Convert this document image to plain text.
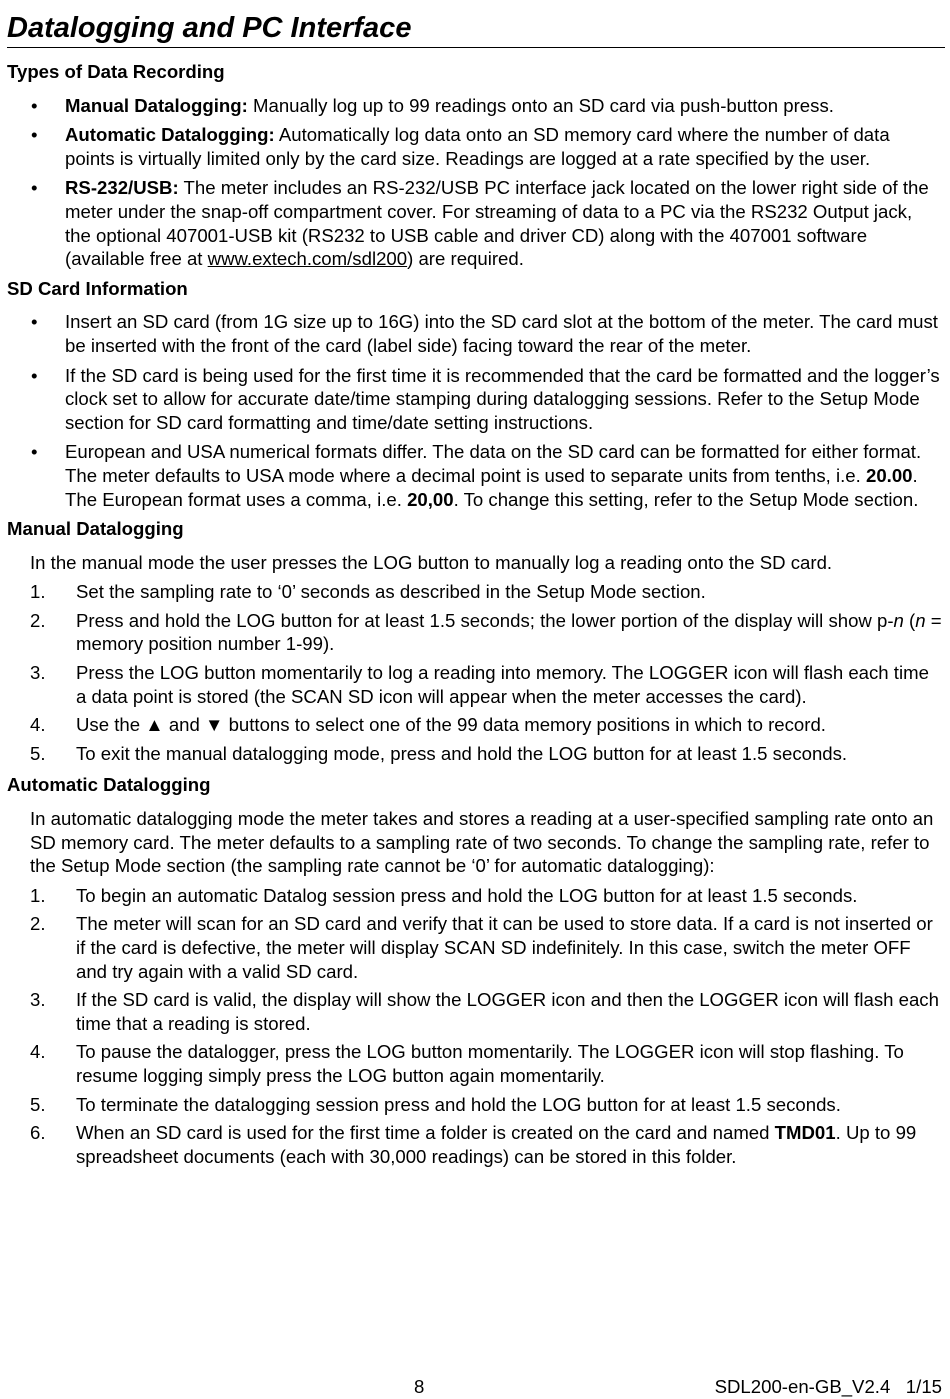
Datalogging and PC Interface
Types of Data Recording
• Manual Datalogging: Manually log up to 99 readings onto an SD card via push-button press.
• Automatic Datalogging: Automatically log data onto an SD memory card where the number of data points is virtually limited only by the card size. Readings are logged at a rate specified by the user.
• RS-232/USB: The meter includes an RS-232/USB PC interface jack located on the lower right side of the meter under the snap-off compartment cover. For streaming of data to a PC via the RS232 Output jack, the optional 407001-USB kit (RS232 to USB cable and driver CD) along with the 407001 software (available free at www.extech.com/sdl200) are required.
SD Card Information
• Insert an SD card (from 1G size up to 16G) into the SD card slot at the bottom of the meter. The card must be inserted with the front of the card (label side) facing toward the rear of the meter.
• If the SD card is being used for the first time it is recommended that the card be formatted and the logger’s clock set to allow for accurate date/time stamping during datalogging sessions. Refer to the Setup Mode section for SD card formatting and time/date setting instructions.
• European and USA numerical formats differ. The data on the SD card can be formatted for either format. The meter defaults to USA mode where a decimal point is used to separate units from tenths, i.e. 20.00. The European format uses a comma, i.e. 20,00. To change this setting, refer to the Setup Mode section.
Manual Datalogging
In the manual mode the user presses the LOG button to manually log a reading onto the SD card.
1. Set the sampling rate to ‘0’ seconds as described in the Setup Mode section.
2. Press and hold the LOG button for at least 1.5 seconds; the lower portion of the display will show p-n (n = memory position number 1-99).
3. Press the LOG button momentarily to log a reading into memory. The LOGGER icon will flash each time a data point is stored (the SCAN SD icon will appear when the meter accesses the card).
4. Use the ▲ and ▼ buttons to select one of the 99 data memory positions in which to record.
5. To exit the manual datalogging mode, press and hold the LOG button for at least 1.5 seconds.
Automatic Datalogging
In automatic datalogging mode the meter takes and stores a reading at a user-specified sampling rate onto an SD memory card. The meter defaults to a sampling rate of two seconds. To change the sampling rate, refer to the Setup Mode section (the sampling rate cannot be ‘0’ for automatic datalogging):
1. To begin an automatic Datalog session press and hold the LOG button for at least 1.5 seconds.
2. The meter will scan for an SD card and verify that it can be used to store data. If a card is not inserted or if the card is defective, the meter will display SCAN SD indefinitely. In this case, switch the meter OFF and try again with a valid SD card.
3. If the SD card is valid, the display will show the LOGGER icon and then the LOGGER icon will flash each time that a reading is stored.
4. To pause the datalogger, press the LOG button momentarily. The LOGGER icon will stop flashing. To resume logging simply press the LOG button again momentarily.
5. To terminate the datalogging session press and hold the LOG button for at least 1.5 seconds.
6. When an SD card is used for the first time a folder is created on the card and named TMD01. Up to 99 spreadsheet documents (each with 30,000 readings) can be stored in this folder.
8	SDL200-en-GB_V2.4   1/15
